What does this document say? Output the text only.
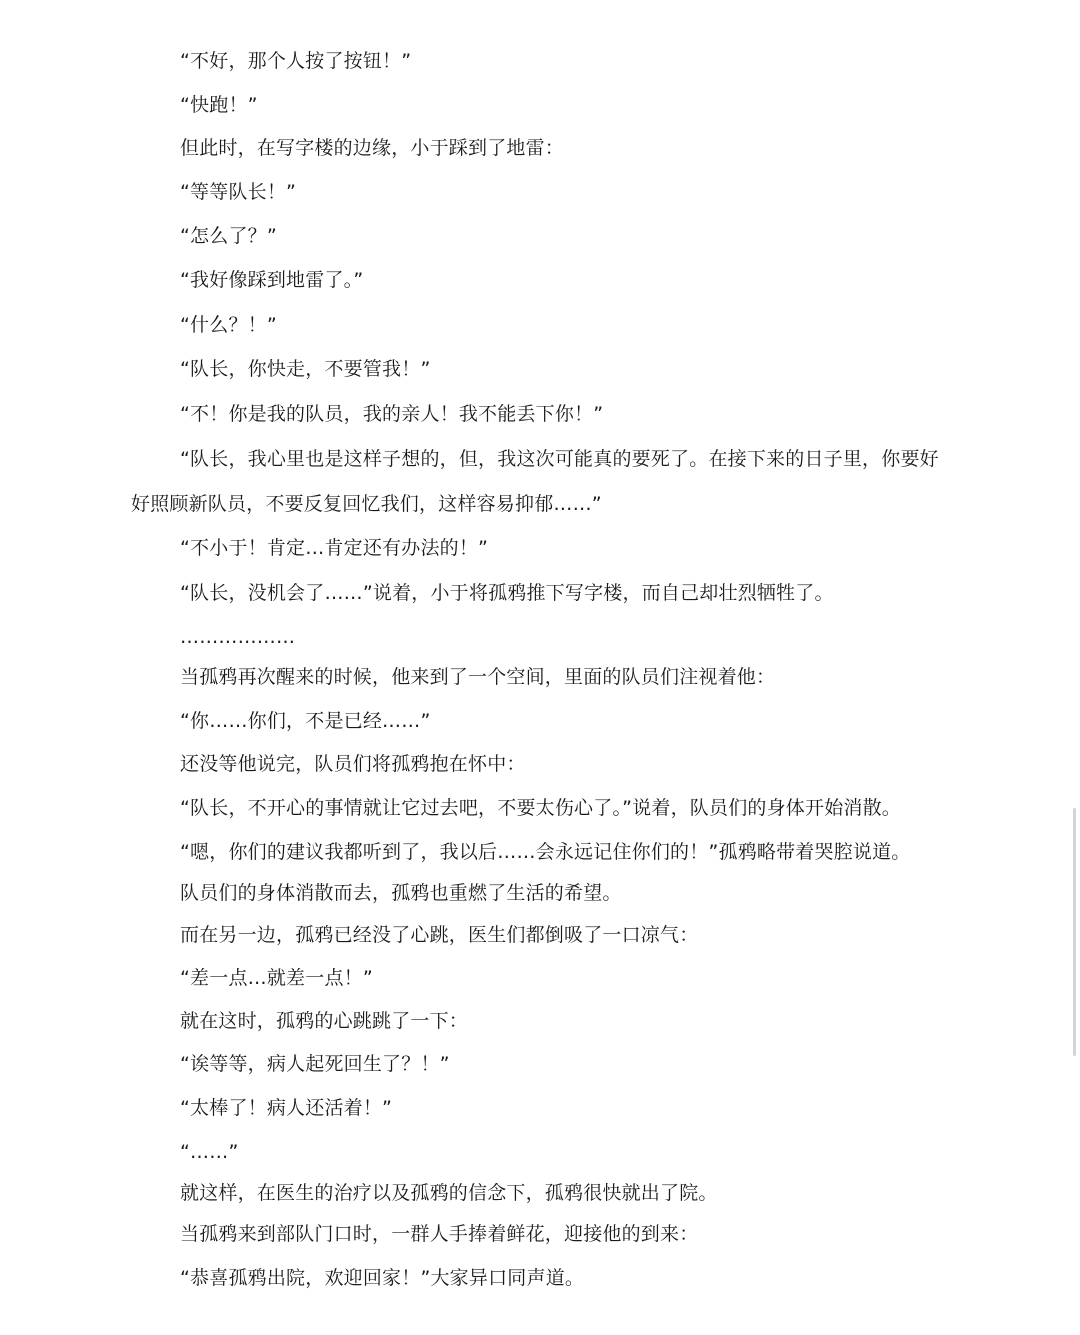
“不好，那个人按了按钮！”
“快跑！”
但此时，在写字楼的边缘，小于踩到了地雷：
“等等队长！”
“怎么了？”
“我好像踩到地雷了。”
“什么？！”
“队长，你快走，不要管我！”
“不！你是我的队员，我的亲人！我不能丢下你！”
“队长，我心里也是这样子想的，但，我这次可能真的要死了。在接下来的日子里，你要好
好照顾新队员，不要反复回忆我们，这样容易抑郁……”
“不小于！肯定…肯定还有办法的！”
“队长，没机会了……”说着，小于将孤鸦推下写字楼，而自己却壮烈牺牲了。
………………
当孤鸦再次醒来的时候，他来到了一个空间，里面的队员们注视着他：
“你……你们，不是已经……”
还没等他说完，队员们将孤鸦抱在怀中：
“队长，不开心的事情就让它过去吧，不要太伤心了。”说着，队员们的身体开始消散。
“嗯，你们的建议我都听到了，我以后……会永远记住你们的！”孤鸦略带着哭腔说道。
队员们的身体消散而去，孤鸦也重燃了生活的希望。
而在另一边，孤鸦已经没了心跳，医生们都倒吸了一口凉气：
“差一点…就差一点！”
就在这时，孤鸦的心跳跳了一下：
“诶等等，病人起死回生了？！”
“太棒了！病人还活着！”
“……”
就这样，在医生的治疗以及孤鸦的信念下，孤鸦很快就出了院。
当孤鸦来到部队门口时，一群人手捧着鲜花，迎接他的到来：
“恭喜孤鸦出院，欢迎回家！”大家异口同声道。
